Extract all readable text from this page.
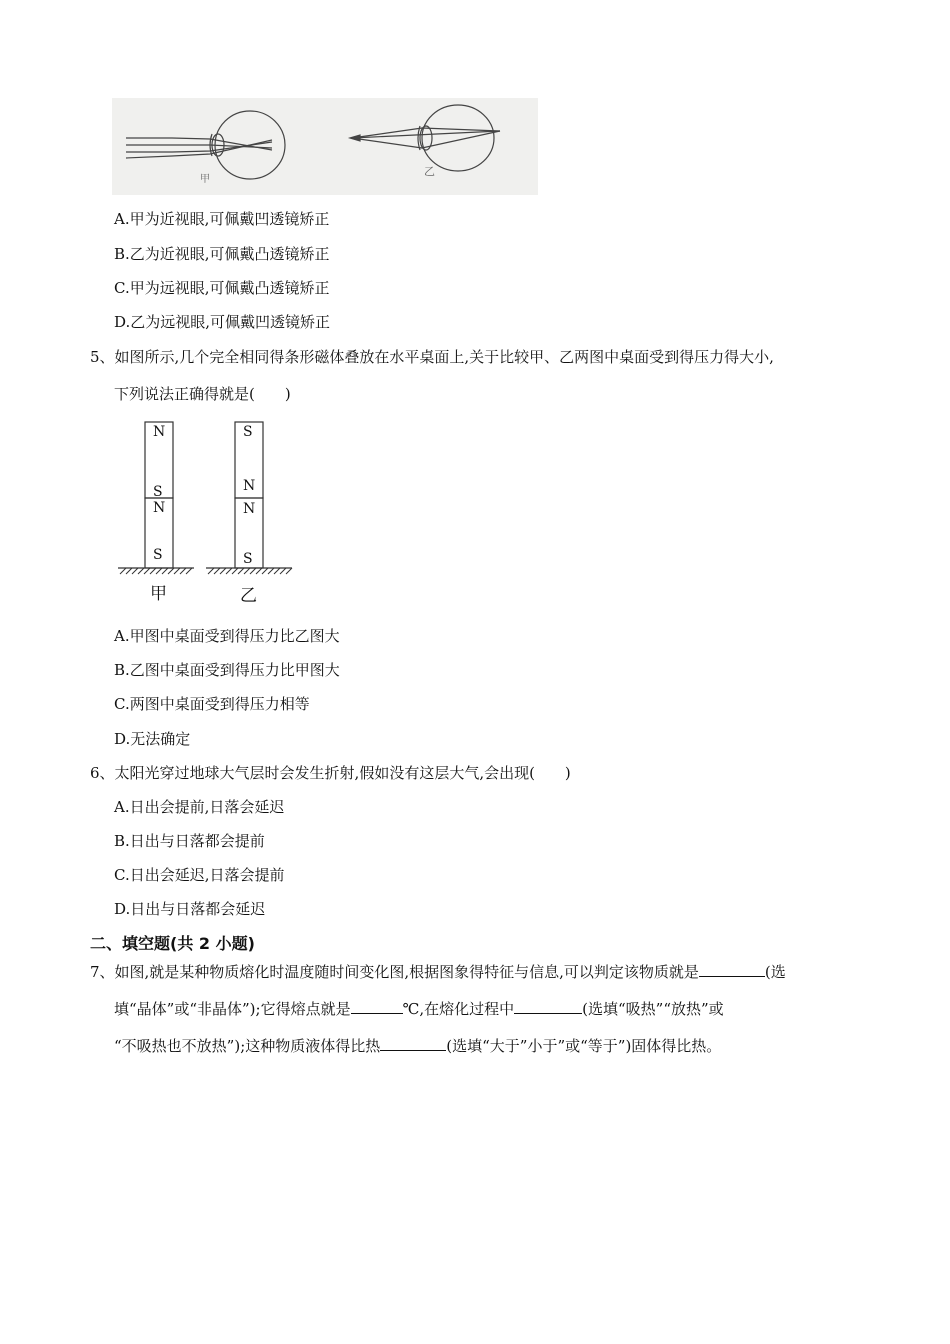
甲
乙
A.甲为近视眼,可佩戴凹透镜矫正
B.乙为近视眼,可佩戴凸透镜矫正
C.甲为远视眼,可佩戴凸透镜矫正
D.乙为远视眼,可佩戴凹透镜矫正
5、如图所示,几个完全相同得条形磁体叠放在水平桌面上,关于比较甲、乙两图中桌面受到得压力得大小,
下列说法正确得就是(　　)
N
S
N
S
S
N
N
S
甲	乙
A.甲图中桌面受到得压力比乙图大
B.乙图中桌面受到得压力比甲图大
C.两图中桌面受到得压力相等
D.无法确定
6、太阳光穿过地球大气层时会发生折射,假如没有这层大气,会出现(　　)
A.日出会提前,日落会延迟
B.日出与日落都会提前
C.日出会延迟,日落会提前
D.日出与日落都会延迟
二、填空题(共 2 小题)
7、如图,就是某种物质熔化时温度随时间变化图,根据图象得特征与信息,可以判定该物质就是	(选
填“晶体”或“非晶体”);它得熔点就是	℃,在熔化过程中	(选填“吸热”“放热”或
“不吸热也不放热”);这种物质液体得比热	(选填“大于”小于”或“等于”)固体得比热。
